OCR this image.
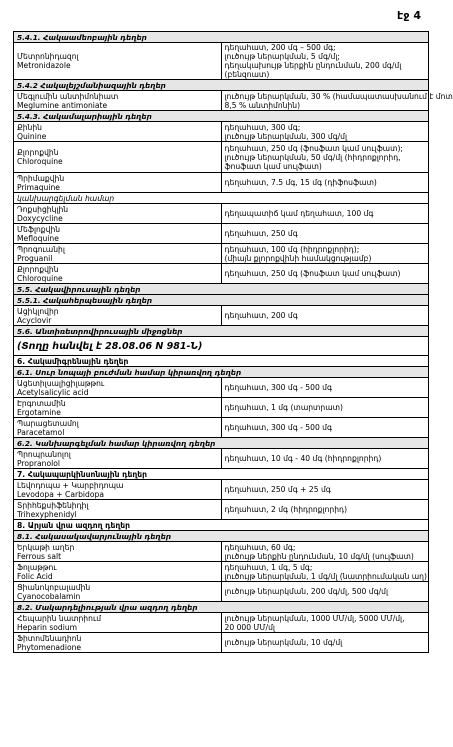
էջ 4
5.4.1. Հակաամեոբային դեղեր	

Մետրոնիդազոլ
Metronidazole	դեղահատ, 200 մգ – 500 մգ;
լուծույթ ներարկման, 5 մգ/մլ;
դեղակախույթ ներքին ընդունման, 200 մգ/մլ
(բենզոատ)

5.4.2 Հակալեյշմանիազային դեղեր	

Մեգլումին անտիմոնիատ
Meglumine antimoniate	լուծույթ ներարկման, 30 % (համապատասխանում է մոտ
8,5 % անտիմոնին)

5.4.3. Հակամալարիային դեղեր	

Քինին
Quinine	դեղահատ, 300 մգ;
լուծույթ ներարկման, 300 մգ/մլ

Քլորոքվին
Chloroquine	դեղահատ, 250 մգ (ֆոսֆատ կամ սուլֆատ);
լուծույթ ներարկման, 50 մգ/մլ (հիդրոքլորիդ,
ֆոսֆատ կամ սուլֆատ)

Պրիմաքվին
Primaquine	դեղահատ, 7.5 մգ, 15 մգ (դիֆոսֆատ)

կանխարգելման համար	

Դոքսիցիկլին
Doxycycline	դեղապատիճ կամ դեղահատ, 100 մգ

Մեֆլոքվին
Mefloquine	դեղահատ, 250 մգ

Պրոգուանիլ
Proguanil	դեղահատ, 100 մգ (հիդրոքլորիդ);
(միայն քլորոքվինի համակցությամբ)

Քլորոքվին
Chloroquine	դեղահատ, 250 մգ (ֆոսֆատ կամ սուլֆատ)

5.5. Հակավիրուսային դեղեր	
5.5.1. Հակահերպեսային դեղեր	

Ացիկլովիր
Acyclovir	դեղահատ, 200 մգ

5.6. Անտիռետրովիրուսային միջոցներ	
(Տողը հանվել է 28.08.06 N 981-Ն)	
6. Հակամիգրենային դեղեր	
6.1. Սուր նոպայի բուժման համար կիրառվող դեղեր	

Ացետիլսալիցիլաթթու
Acetylsalicylic acid	դեղահատ, 300 մգ - 500 մգ

Էրգոտամին
Ergotamine	դեղահատ, 1 մգ (տարտրատ)

Պարացետամոլ
Paracetamol	դեղահատ, 300 մգ - 500 մգ

6.2. Կանխարգելման համար կիրառվող դեղեր	

Պրոպրանոլոլ
Propranolol	դեղահատ, 10 մգ - 40 մգ (հիդրոքլորիդ)

7. Հակապարկինսոնային դեղեր	

Լեվոդոպա + Կարբիդոպա
Levodopa + Carbidopa	դեղահատ, 250 մգ + 25 մգ

Տրիհեքսիֆենիդիլ
Trihexyphenidyl	դեղահատ, 2 մգ (հիդրոքլորիդ)

8. Արյան վրա ազդող դեղեր	
8.1. Հակասակավարյունային դեղեր	

Երկաթի աղեր
Ferrous salt	դեղահատ, 60 մգ;
լուծույթ ներքին ընդունման, 10 մգ/մլ (սուլֆատ)

Ֆոլաթթու
Folic Acid	դեղահատ, 1 մգ, 5 մգ;
լուծույթ ներարկման, 1 մգ/մլ (նատրիումական աղ)

Ցիանոկոբալամին
Cyanocobalamin	լուծույթ ներարկման, 200 մգ/մլ, 500 մգ/մլ

8.2. Մակարդելիության վրա ազդող դեղեր	

Հեպարին նատրիում
Heparin sodium	լուծույթ ներարկման, 1000 ՄՄ/մլ, 5000 ՄՄ/մլ,
20 000 ՄՄ/մլ

Ֆիտոմենադիոն
Phytomenadione	լուծույթ ներարկման, 10 մգ/մլ
